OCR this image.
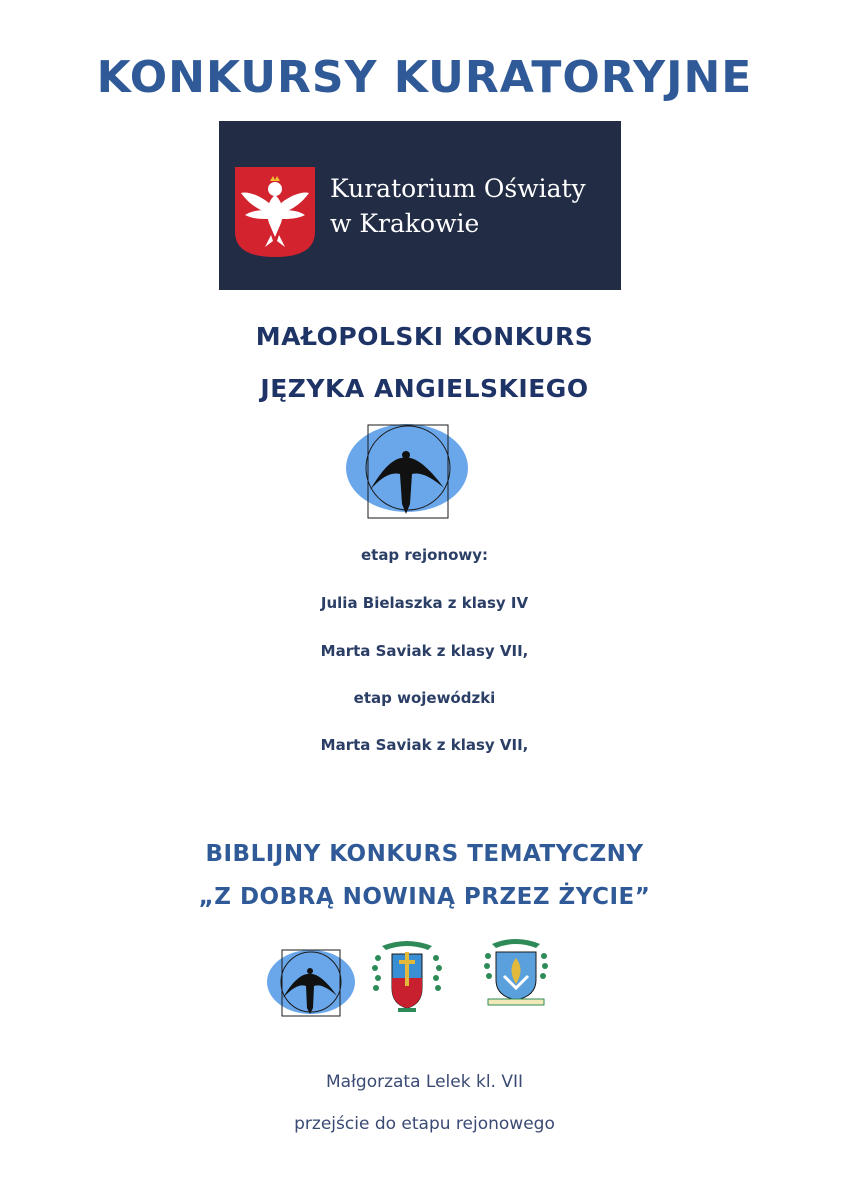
KONKURSY KURATORYJNE
Kuratorium Oświaty
w Krakowie
MAŁOPOLSKI KONKURS
JĘZYKA ANGIELSKIEGO
etap rejonowy:
Julia Bielaszka z klasy IV
Marta Saviak z klasy VII,
etap wojewódzki
Marta Saviak z klasy VII,
BIBLIJNY KONKURS TEMATYCZNY
„Z DOBRĄ NOWINĄ PRZEZ ŻYCIE”
Małgorzata Lelek kl. VII
przejście do etapu rejonowego
